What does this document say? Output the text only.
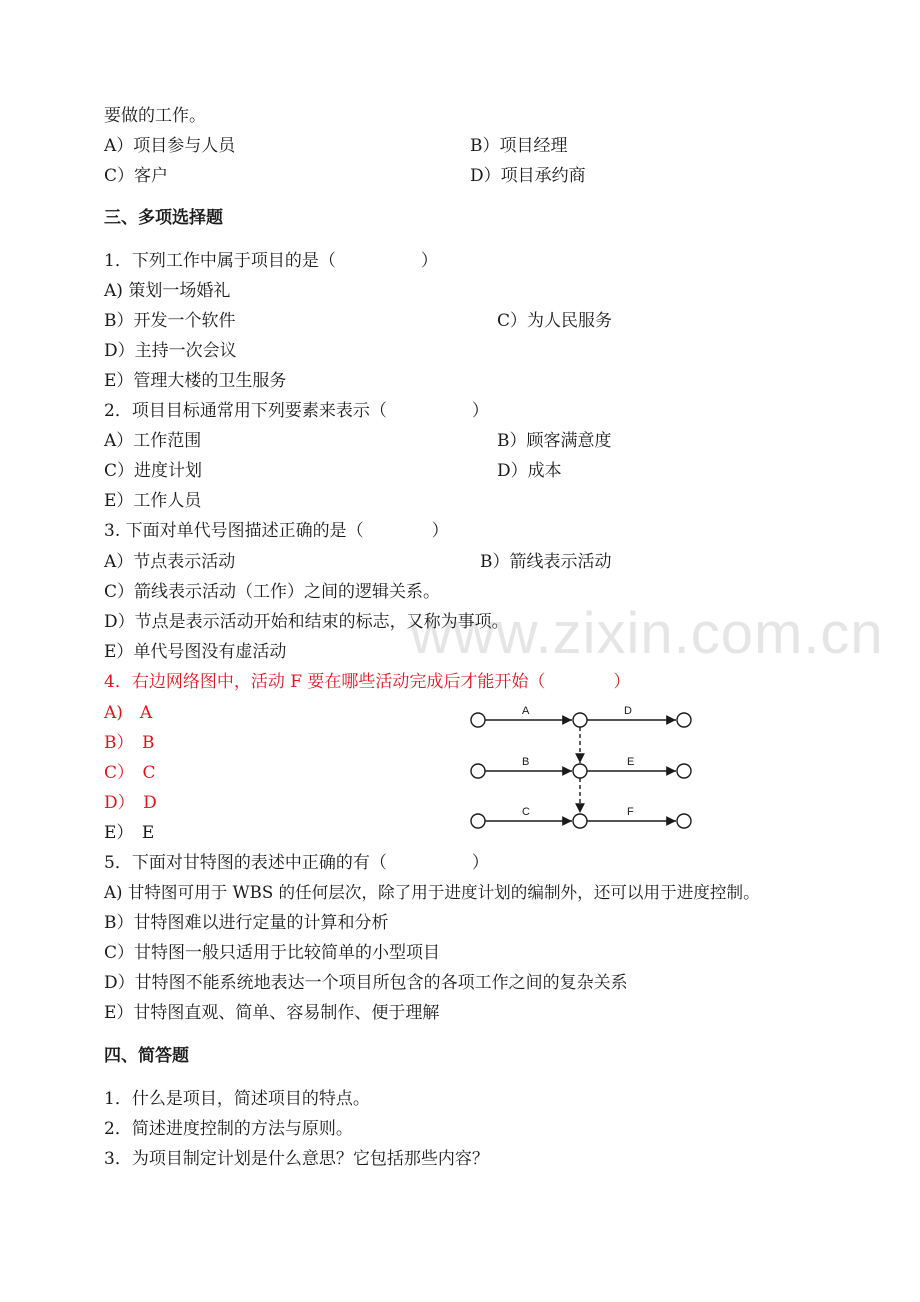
www.zixin.com.cn
要做的工作。
A）项目参与人员	B）项目经理
C）客户	D）项目承约商
三、多项选择题
1．下列工作中属于项目的是（　　　　　）
A) 策划一场婚礼
B）开发一个软件	C）为人民服务
D）主持一次会议
E）管理大楼的卫生服务
2．项目目标通常用下列要素来表示（　　　　　）
A）工作范围	B）顾客满意度
C）进度计划	D）成本
E）工作人员
3. 下面对单代号图描述正确的是（　　　　）
A）节点表示活动	B）箭线表示活动
C）箭线表示活动（工作）之间的逻辑关系。
D）节点是表示活动开始和结束的标志，又称为事项。
E）单代号图没有虚活动
4．右边网络图中，活动 F 要在哪些活动完成后才能开始（　　　　）
A)　A
B）　B
C）　C
D）　D
E）　E
A	D
B	E
C	F
5．下面对甘特图的表述中正确的有（　　　　　）
A) 甘特图可用于 WBS 的任何层次，除了用于进度计划的编制外，还可以用于进度控制。
B）甘特图难以进行定量的计算和分析
C）甘特图一般只适用于比较简单的小型项目
D）甘特图不能系统地表达一个项目所包含的各项工作之间的复杂关系
E）甘特图直观、简单、容易制作、便于理解
四、简答题
1．什么是项目，简述项目的特点。
2．简述进度控制的方法与原则。
3．为项目制定计划是什么意思？它包括那些内容？
